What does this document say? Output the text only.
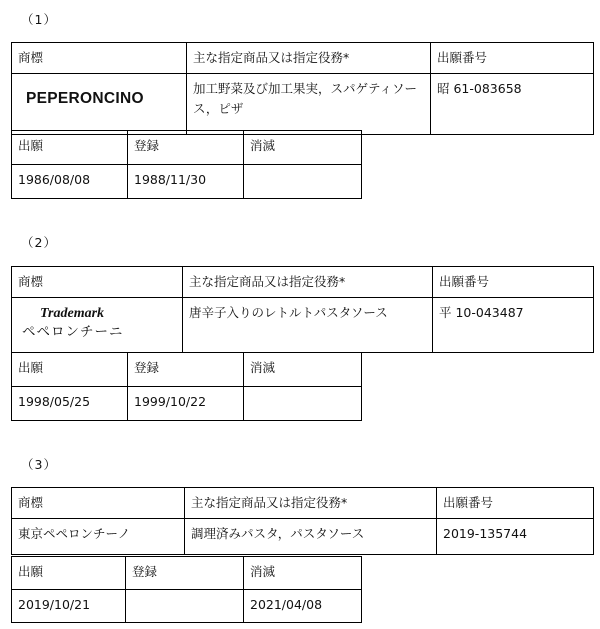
（1）
商標	主な指定商品又は指定役務*	出願番号
PEPERONCINO	加工野菜及び加工果実，スパゲティソース，ピザ	昭 61-083658
出願	登録	消滅
1986/08/08	1988/11/30	
（2）
商標	主な指定商品又は指定役務*	出願番号

Trademark
ペペロンチーニ	唐辛子入りのレトルトパスタソース	平 10-043487
出願	登録	消滅
1998/05/25	1999/10/22	
（3）
商標	主な指定商品又は指定役務*	出願番号
東京ペペロンチーノ	調理済みパスタ，パスタソース	2019-135744
出願	登録	消滅
2019/10/21		2021/04/08
